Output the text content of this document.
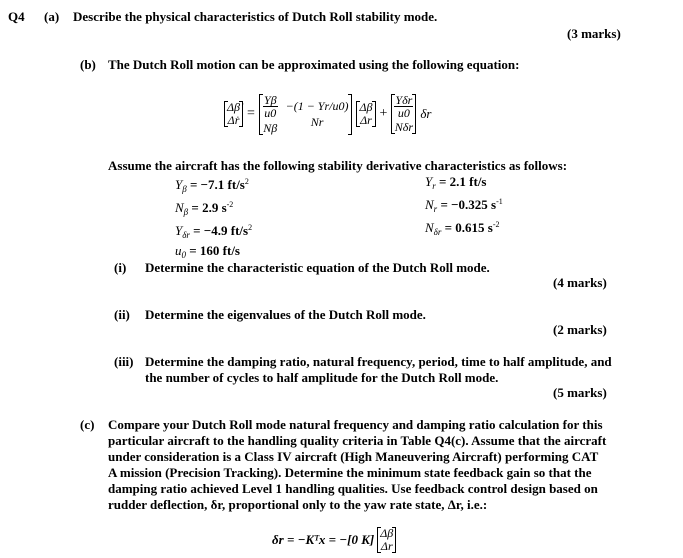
Q4 (a) Describe the physical characteristics of Dutch Roll stability mode.
(3 marks)
(b) The Dutch Roll motion can be approximated using the following equation:
Δβ̇
Δṙ = $\frac{Y\beta}{u0}$
Nβ
−(1 − Yr/u0)
Nr
Δβ
$\Delta r + \frac{\text{Yδr}}{u0}$
Nδr
δr
Assume the aircraft has the following stability derivative characteristics as follows:
$Y_\beta = -7.1$ $ft/s^2$
$N_\beta = 2.9$ $s^{-2}$
$Y_{\delta r} = -4.9$ $ft/s^2$
$u_0 = 160$ ft/s
$Y_r = 2.1$ ft/s
$N_r = -0.325$ $s^{-1}$
$N_{\delta r} = 0.615$ $s^{-2}$
(i) Determine the characteristic equation of the Dutch Roll mode.
(4 marks)
(ii) Determine the eigenvalues of the Dutch Roll mode.
(2 marks)
(iii) Determine the damping ratio, natural frequency, period, time to half amplitude, and
the number of cycles to half amplitude for the Dutch Roll mode.
(5 marks)
(c) Compare your Dutch Roll mode natural frequency and damping ratio calculation for this
particular aircraft to the handling quality criteria in Table Q4(c). Assume that the aircraft
under consideration is a Class IV aircraft (High Maneuvering Aircraft) performing CAT
A mission (Precision Tracking). Determine the minimum state feedback gain so that the
damping ratio achieved Level 1 handling qualities. Use feedback control design based on
rudder deflection, δr, proportional only to the yaw rate state, Δr, i.e.:
δr = −Kᵀx = −[0 K] Δβ
Δr
